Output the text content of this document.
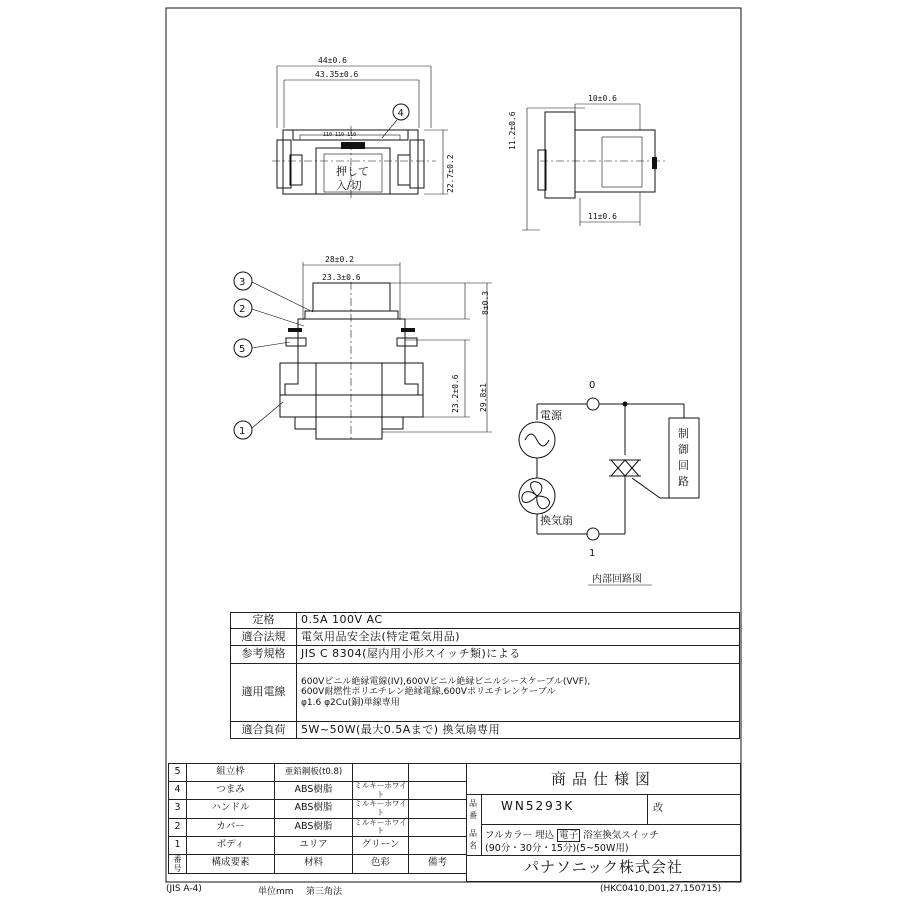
44±0.6
43.35±0.6
110 110 110
押して
入/切
4
22.7±0.2
11.2±0.6
10±0.6
11±0.6
28±0.2
23.3±0.6
8±0.3
23.2±0.6 29.8±1
3
2
5
1
0
1
制
御
回
路
電源
換気扇
内部回路図
定格	0.5A 100V AC
適合法規	電気用品安全法(特定電気用品)
参考規格	JIS C 8304(屋内用小形スイッチ類)による
適用電線	600Vビニル絶縁電線(IV),600Vビニル絶縁ビニルシースケーブル(VVF),
600V耐燃性ポリエチレン絶縁電線,600Vポリエチレンケーブル
φ1.6 φ2Cu(銅)単線専用

適合負荷	5W~50W(最大0.5Aまで) 換気扇専用
5	組立枠	亜鉛鋼板(t0.8)		
4	つまみ	ABS樹脂	ミルキーホワイト	
3	ハンドル	ABS樹脂	ミルキーホワイト	
2	カバー	ABS樹脂	ミルキーホワイト	
1	ボディ	ユリア	グリーン	
番号	構成要素	材料	色彩	備考
商品仕様図
品
番
品
名
WN5293K	改
フルカラー 埋込 電子 浴室換気スイッチ
(90分・30分・15分)(5~50W用)
パナソニック株式会社
(JIS A-4)	単位mm 第三角法	(HKC0410,D01,27,150715)
